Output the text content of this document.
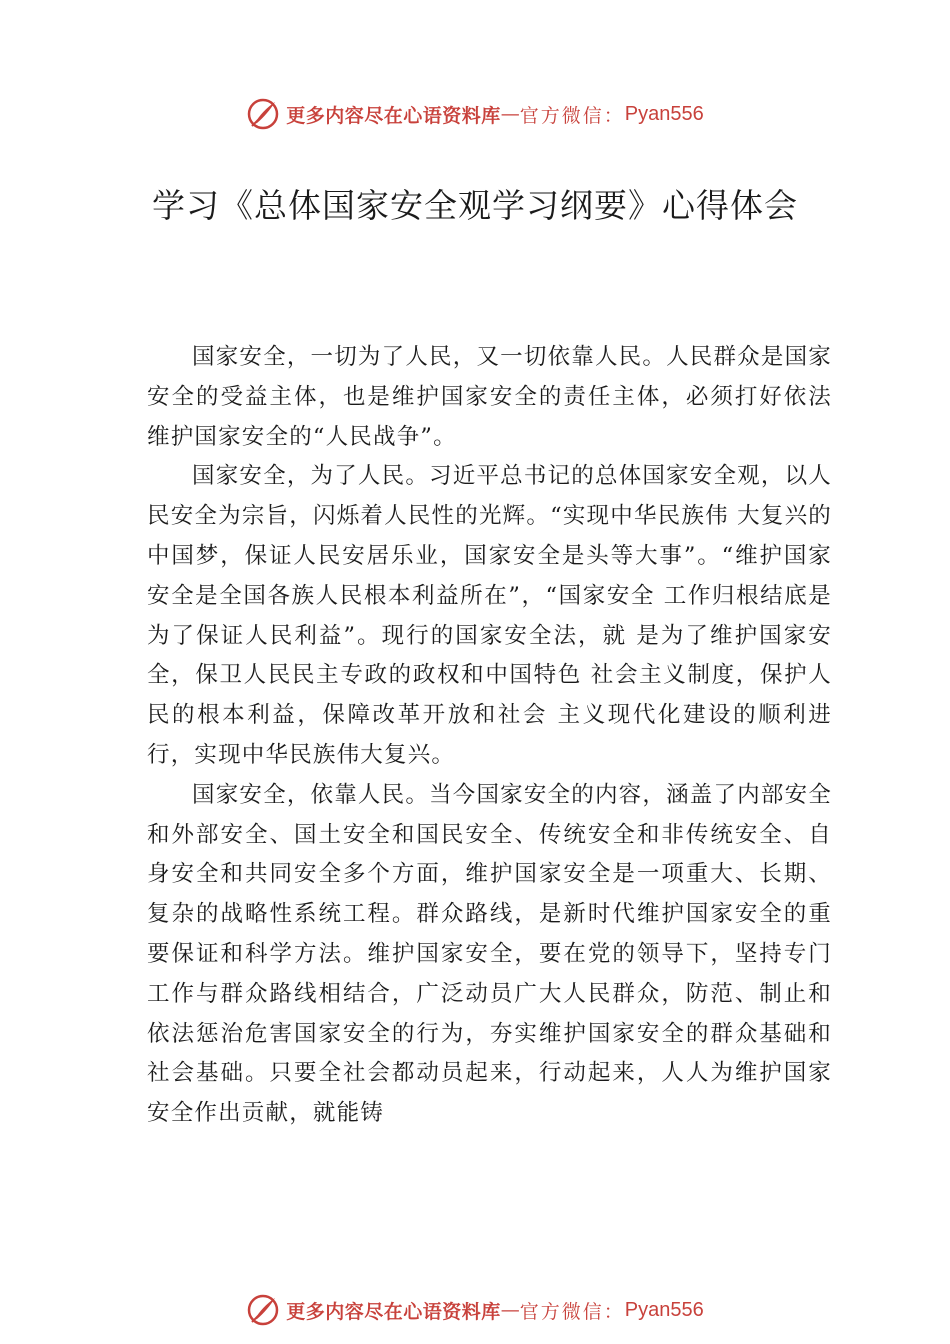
更多内容尽在心语资料库 — 官方微信： Pyan556
学习《总体国家安全观学习纲要》心得体会

国家安全，一切为了人民，又一切依靠人民。人民群众是国家安全的受益主体，也是维护国家安全的责任主体，必须打好依法维护国家安全的“人民战争”。

国家安全，为了人民。习近平总书记的总体国家安全观，以人民安全为宗旨，闪烁着人民性的光辉。“实现中华民族伟 大复兴的中国梦，保证人民安居乐业，国家安全是头等大事”。“维护国家安全是全国各族人民根本利益所在”，“国家安全 工作归根结底是为了保证人民利益”。现行的国家安全法，就 是为了维护国家安全，保卫人民民主专政的政权和中国特色 社会主义制度，保护人民的根本利益，保障改革开放和社会 主义现代化建设的顺利进行，实现中华民族伟大复兴。

国家安全，依靠人民。当今国家安全的内容，涵盖了内部安全和外部安全、国土安全和国民安全、传统安全和非传统安全、自身安全和共同安全多个方面，维护国家安全是一项重大、长期、复杂的战略性系统工程。群众路线，是新时代维护国家安全的重要保证和科学方法。维护国家安全，要在党的领导下，坚持专门工作与群众路线相结合，广泛动员广大人民群众，防范、制止和依法惩治危害国家安全的行为，夯实维护国家安全的群众基础和社会基础。只要全社会都动员起来，行动起来，人人为维护国家安全作出贡献，就能铸

更多内容尽在心语资料库 — 官方微信： Pyan556
